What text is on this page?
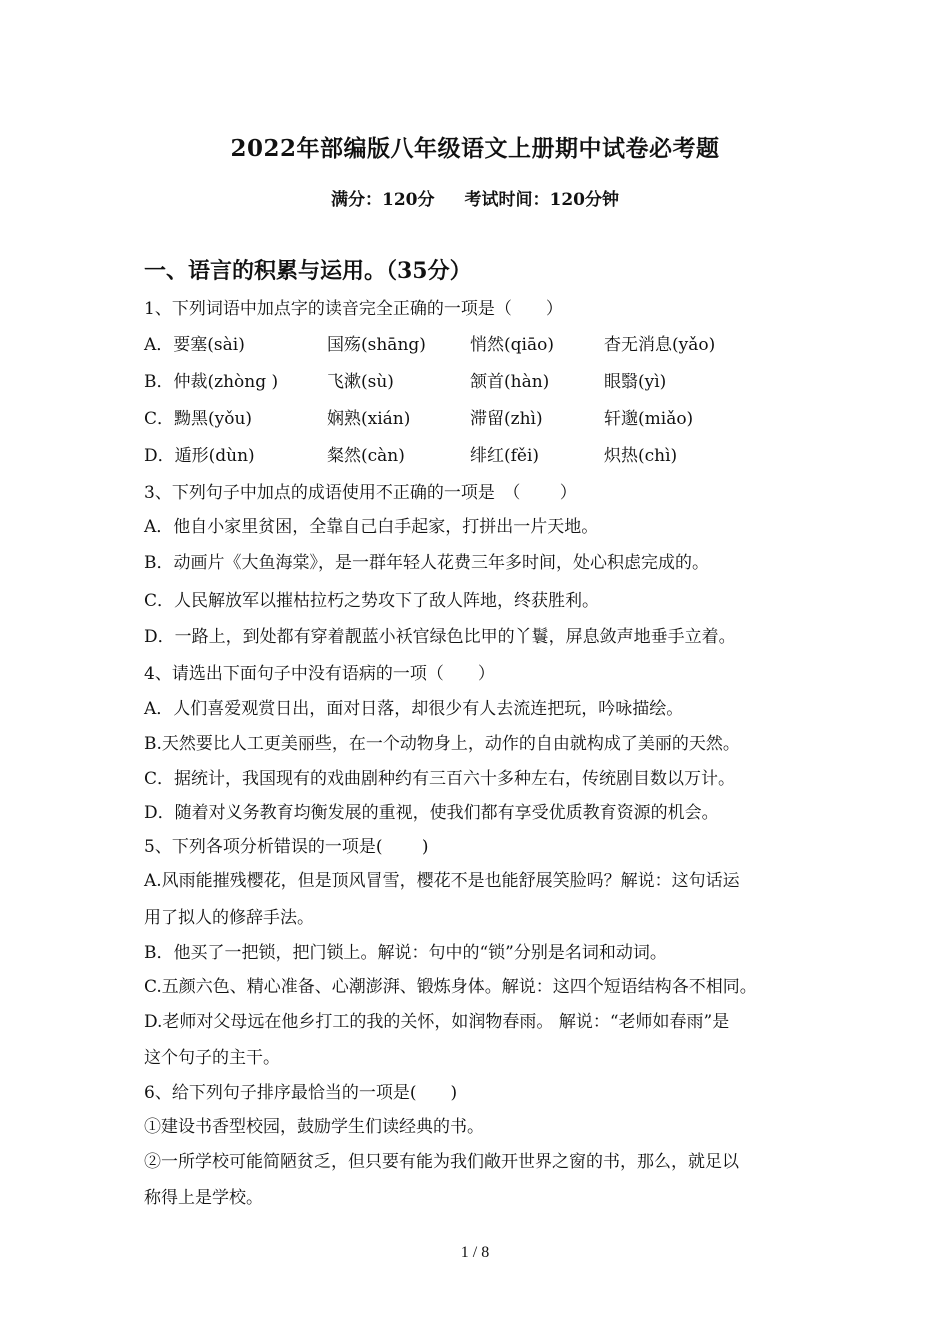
2022年部编版八年级语文上册期中试卷必考题
满分：120分 考试时间：120分钟
一、语言的积累与运用。（35分）
1、下列词语中加点字的读音完全正确的一项是（　　）
A．要塞(sài)	国殇(shāng)	悄然(qiāo)	杳无消息(yǎo)
B．仲裁(zhòng )	飞漱(sù)	颔首(hàn)	眼翳(yì)
C．黝黑(yǒu)	娴熟(xián)	滞留(zhì)	轩邈(miǎo)
D．遁形(dùn)	粲然(càn)	绯红(fěi)	炽热(chì)
3、下列句子中加点的成语使用不正确的一项是　（　　 ）
A．他自小家里贫困，全靠自己白手起家，打拼出一片天地。
B．动画片《大鱼海棠》，是一群年轻人花费三年多时间，处心积虑完成的。
C．人民解放军以摧枯拉朽之势攻下了敌人阵地，终获胜利。
D．一路上，到处都有穿着靓蓝小袄官绿色比甲的丫鬟，屏息敛声地垂手立着。
4、请选出下面句子中没有语病的一项（　　）
A．人们喜爱观赏日出，面对日落，却很少有人去流连把玩，吟咏描绘。
B.天然要比人工更美丽些，在一个动物身上，动作的自由就构成了美丽的天然。
C．据统计，我国现有的戏曲剧种约有三百六十多种左右，传统剧目数以万计。
D．随着对义务教育均衡发展的重视，使我们都有享受优质教育资源的机会。
5、下列各项分析错误的一项是(　　 )
A.风雨能摧残樱花，但是顶风冒雪，樱花不是也能舒展笑脸吗？解说：这句话运
用了拟人的修辞手法。
B．他买了一把锁，把门锁上。解说：句中的“锁”分别是名词和动词。
C.五颜六色、精心准备、心潮澎湃、锻炼身体。解说：这四个短语结构各不相同。
D.老师对父母远在他乡打工的我的关怀，如润物春雨。 解说：“老师如春雨”是
这个句子的主干。
6、给下列句子排序最恰当的一项是(　　)
①建设书香型校园，鼓励学生们读经典的书。
②一所学校可能简陋贫乏，但只要有能为我们敞开世界之窗的书，那么，就足以
称得上是学校。
1 / 8
